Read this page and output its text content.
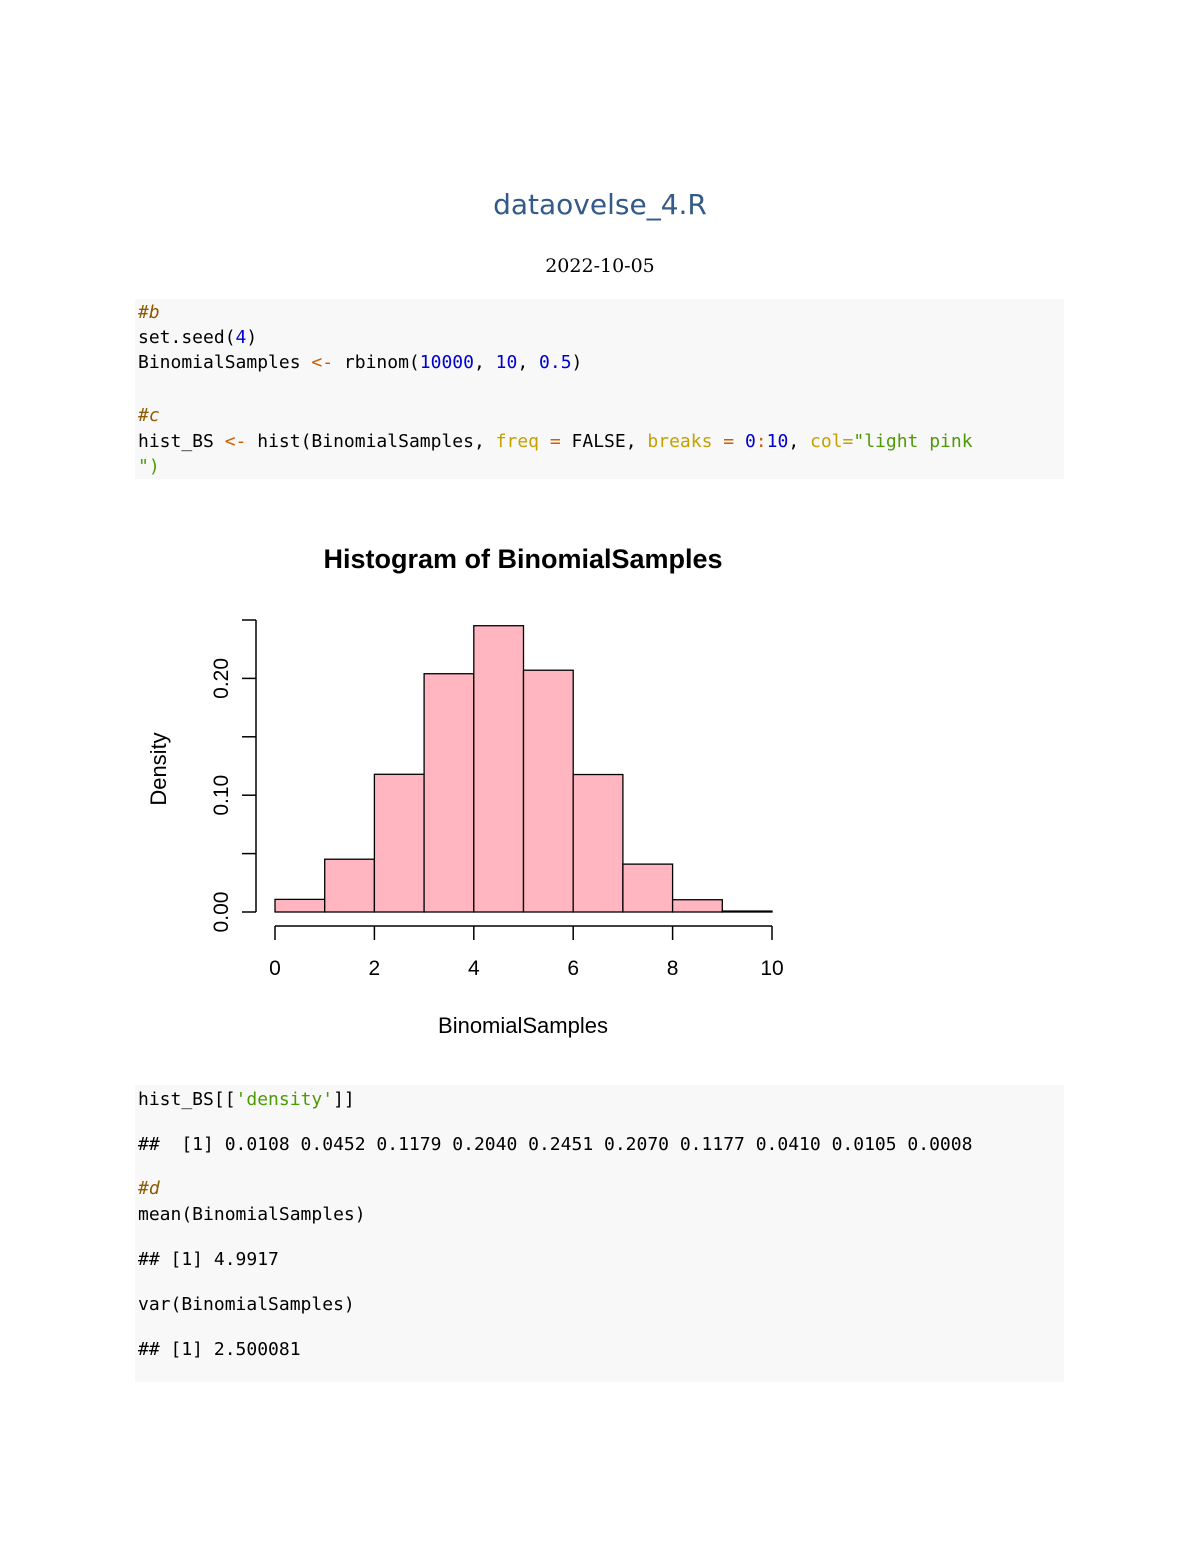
dataovelse_4.R
2022-10-05
#b
set.seed(4)
BinomialSamples <- rbinom(10000, 10, 0.5)
#c
hist_BS <- hist(BinomialSamples, freq = FALSE, breaks = 0:10, col="light pink
")
Histogram of BinomialSamples
0.00
0.10
0.20
0	2	4	6	8	10
BinomialSamples
Density
hist_BS[['density']]
##  [1] 0.0108 0.0452 0.1179 0.2040 0.2451 0.2070 0.1177 0.0410 0.0105 0.0008
#d
mean(BinomialSamples)
## [1] 4.9917
var(BinomialSamples)
## [1] 2.500081
